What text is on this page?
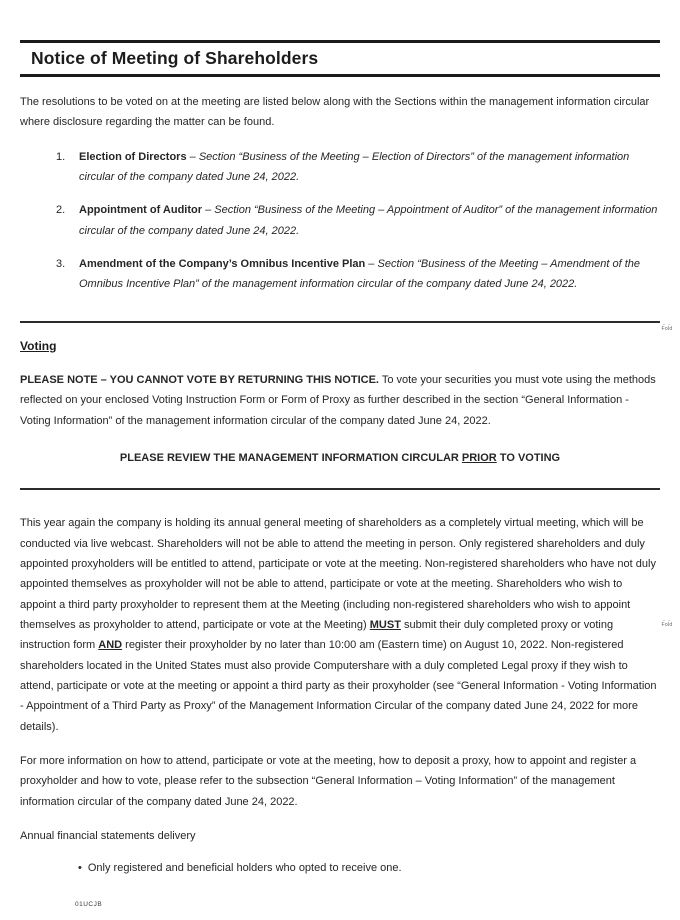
Notice of Meeting of Shareholders

The resolutions to be voted on at the meeting are listed below along with the Sections within the management information circular where disclosure regarding the matter can be found.

1.	Election of Directors – Section “Business of the Meeting – Election of Directors” of the management information circular of the company dated June 24, 2022.
2.	Appointment of Auditor – Section “Business of the Meeting – Appointment of Auditor” of the management information circular of the company dated June 24, 2022.
3.	Amendment of the Company’s Omnibus Incentive Plan – Section “Business of the Meeting – Amendment of the Omnibus Incentive Plan” of the management information circular of the company dated June 24, 2022.
Voting

PLEASE NOTE – YOU CANNOT VOTE BY RETURNING THIS NOTICE. To vote your securities you must vote using the methods reflected on your enclosed Voting Instruction Form or Form of Proxy as further described in the section “General Information - Voting Information” of the management information circular of the company dated June 24, 2022.

PLEASE REVIEW THE MANAGEMENT INFORMATION CIRCULAR PRIOR TO VOTING

This year again the company is holding its annual general meeting of shareholders as a completely virtual meeting, which will be conducted via live webcast. Shareholders will not be able to attend the meeting in person. Only registered shareholders and duly appointed proxyholders will be entitled to attend, participate or vote at the meeting. Non-registered shareholders who have not duly appointed themselves as proxyholder will not be able to attend, participate or vote at the meeting. Shareholders who wish to appoint a third party proxyholder to represent them at the Meeting (including non-registered shareholders who wish to appoint themselves as proxyholder to attend, participate or vote at the Meeting) MUST submit their duly completed proxy or voting instruction form AND register their proxyholder by no later than 10:00 am (Eastern time) on August 10, 2022. Non-registered shareholders located in the United States must also provide Computershare with a duly completed Legal proxy if they wish to attend, participate or vote at the meeting or appoint a third party as their proxyholder (see “General Information - Voting Information - Appointment of a Third Party as Proxy” of the Management Information Circular of the company dated June 24, 2022 for more details).

For more information on how to attend, participate or vote at the meeting, how to deposit a proxy, how to appoint and register a proxyholder and how to vote, please refer to the subsection “General Information – Voting Information” of the management information circular of the company dated June 24, 2022.

Annual financial statements delivery

• Only registered and beneficial holders who opted to receive one.
– –
Fold
– –
Fold
01UCJB
